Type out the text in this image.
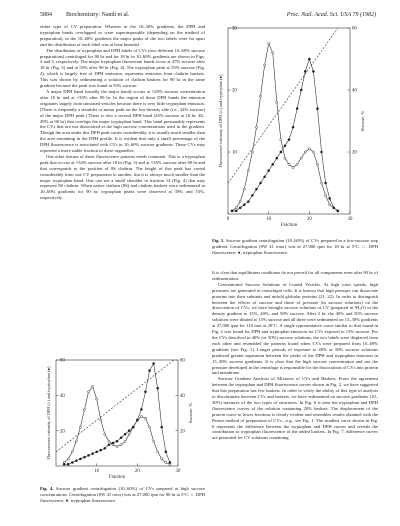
5884 Biochemistry: Nandi et al.	Proc. Natl. Acad. Sci. USA 79 (1982)

either type of CV preparation. Whereas in the 10–30% gradients, the DPH and tryptophan bands overlapped or were superimposable (depending on the method of preparation), in the 10–60% gradients the major peaks of the two labels were far apart and the distribution of each label was at least bimodal.

The distribution of tryptophan and DPH labels of CVs (two different 10–60% sucrose preparations) centrifuged for 90 hr and for 18 hr in 10–60% gradients are shown in Figs. 4 and 5, respectively. The major tryptophan fluorescent bands occur at 47% sucrose after 18 hr (Fig. 5) and at 55% after 90 hr (Fig. 4). The tryptophan peak at 55% sucrose (Fig. 4), which is largely free of DPH emission, represents emission from clathrin baskets. This was shown by sedimenting a solution of clathrin baskets for 90 hr in the same gradient because the peak was found at 55% sucrose.

A major DPH band (usually the major band) occurs at ≈29% sucrose concentration after 18 hr and at ≈33% after 90 hr. In the region of these DPH bands the emission originates largely from uncoated vesicles because there is very little tryptophan emission. (There is frequently a shoulder or minor peak on the low-density side (i.e., 24% sucrose) of the major DPH peak.) There is also a second DPH band (45% sucrose at 18 hr, 48–49% at 90 hr) that overlaps the major tryptophan band. This band presumably represents the CVs that are not dissociated at the high sucrose concentrations used in the gradient. Though the area under this DPH peak varies considerably, it is usually much smaller than the area remaining in the DPH profile. It is evident that only a small percentage of the DPH fluorescence is associated with CVs in 10–60% sucrose gradients. These CVs may represent a more stable fraction of these organelles.

One other feature of these fluorescence patterns needs comment. This is a tryptophan peak that occurs at ≈34% sucrose after 18 hr (Fig. 5) and at ≈35% sucrose after 90 hr and that corresponds to the position of 8S clathrin. The height of this peak has varied considerably from one CV preparation to another, but it is always much smaller than the major tryptophan band. One can see a small shoulder in fraction 14 (Fig. 4) that may represent 8S clathrin. When native clathrin (8S) and clathrin baskets were sedimented in 10–60% gradients for 90 hr, tryptophan peaks were observed at 39% and 53%, respectively.

0	10	20	30
10
20
30
20
40
60
Fluorescence intensity of DPH (○) and tryptophan (●)	Sucrose, %
Fraction
Fig. 5. Sucrose gradient centrifugation (10–60%) of CVs prepared in a low-sucrose step gradient. Centrifugation (SW 41 rotor) was at 27,000 rpm for 18 hr at 5°C. ○, DPH fluorescence; ●, tryptophan fluorescence.

It is clear that equilibrium conditions do not prevail for all components even after 90 hr of sedimentation.

Concentrated Sucrose Solutions of Coated Vesicles. At high rotor speeds, high pressures are generated in centrifugal cells. It is known that high pressure can dissociate proteins into their subunits and unfold globular proteins (21, 22). In order to distinguish between the effects of sucrose and those of pressure (in sucrose solutions) on the dissociation of CVs, we have brought sucrose solutions of CV (prepared in ²H₂O) to the density gradient to 15%, 40%, and 50% sucrose. After 2 hr, the 40% and 50% sucrose solutions were diluted to 15% sucrose and all three were sedimented on 15–30% gradients at 27,000 rpm for 110 min at 20°C. A single representative curve similar to that found in Fig. 2 was found for DPH and tryptophan emission for CVs exposed to 15% sucrose. For the CVs dissolved in 40% (or 50%) sucrose solutions, the two labels were displaced from each other and resembled the patterns found when CVs were prepared from 10–60% gradients (see Fig. 1). Longer periods of exposure to 40% or 50% sucrose solutions produced greater separation between the peaks of the DPH and tryptophan emission in 15–30% sucrose gradients. It is clear that the high sucrose concentration and not the pressure developed in the centrifuge is responsible for the dissociation of CVs into protein and membrane.

Sucrose Gradient Analysis of Mixtures of CVs and Baskets. From the agreement between the tryptophan and DPH fluorescence curves shown in Fig. 2, we have suggested that this preparation has few baskets. In order to verify the ability of this type of analysis to discriminate between CVs and baskets, we have sedimented on sucrose gradients (10–30%) mixtures of the two types of structures. In Fig. 6 is seen the tryptophan and DPH fluorescence curves of the solution containing 20% baskets. The displacement of the protein curve to lower fractions is clearly evident and resembles results obtained with the Pearse method of preparation of CVs—e.g., see Fig. 1. The smallest curve shown in Fig. 6 represents the difference between the tryptophan and DPH curves and reveals the contribution to tryptophan fluorescence of the added baskets. In Fig. 7, difference curves are presented for CV solutions containing

10	20	30
20
40
60
20
40
60
Fluorescence intensity of DPH (○) and tryptophan (●)	Sucrose, %
Fraction
Fig. 4. Sucrose gradient centrifugation (10–60%) of CVs prepared at high sucrose concentrations. Centrifugation (SW 41 rotor) was at 27,000 rpm for 90 hr at 5°C. ○, DPH fluorescence; ●, tryptophan fluorescence.
